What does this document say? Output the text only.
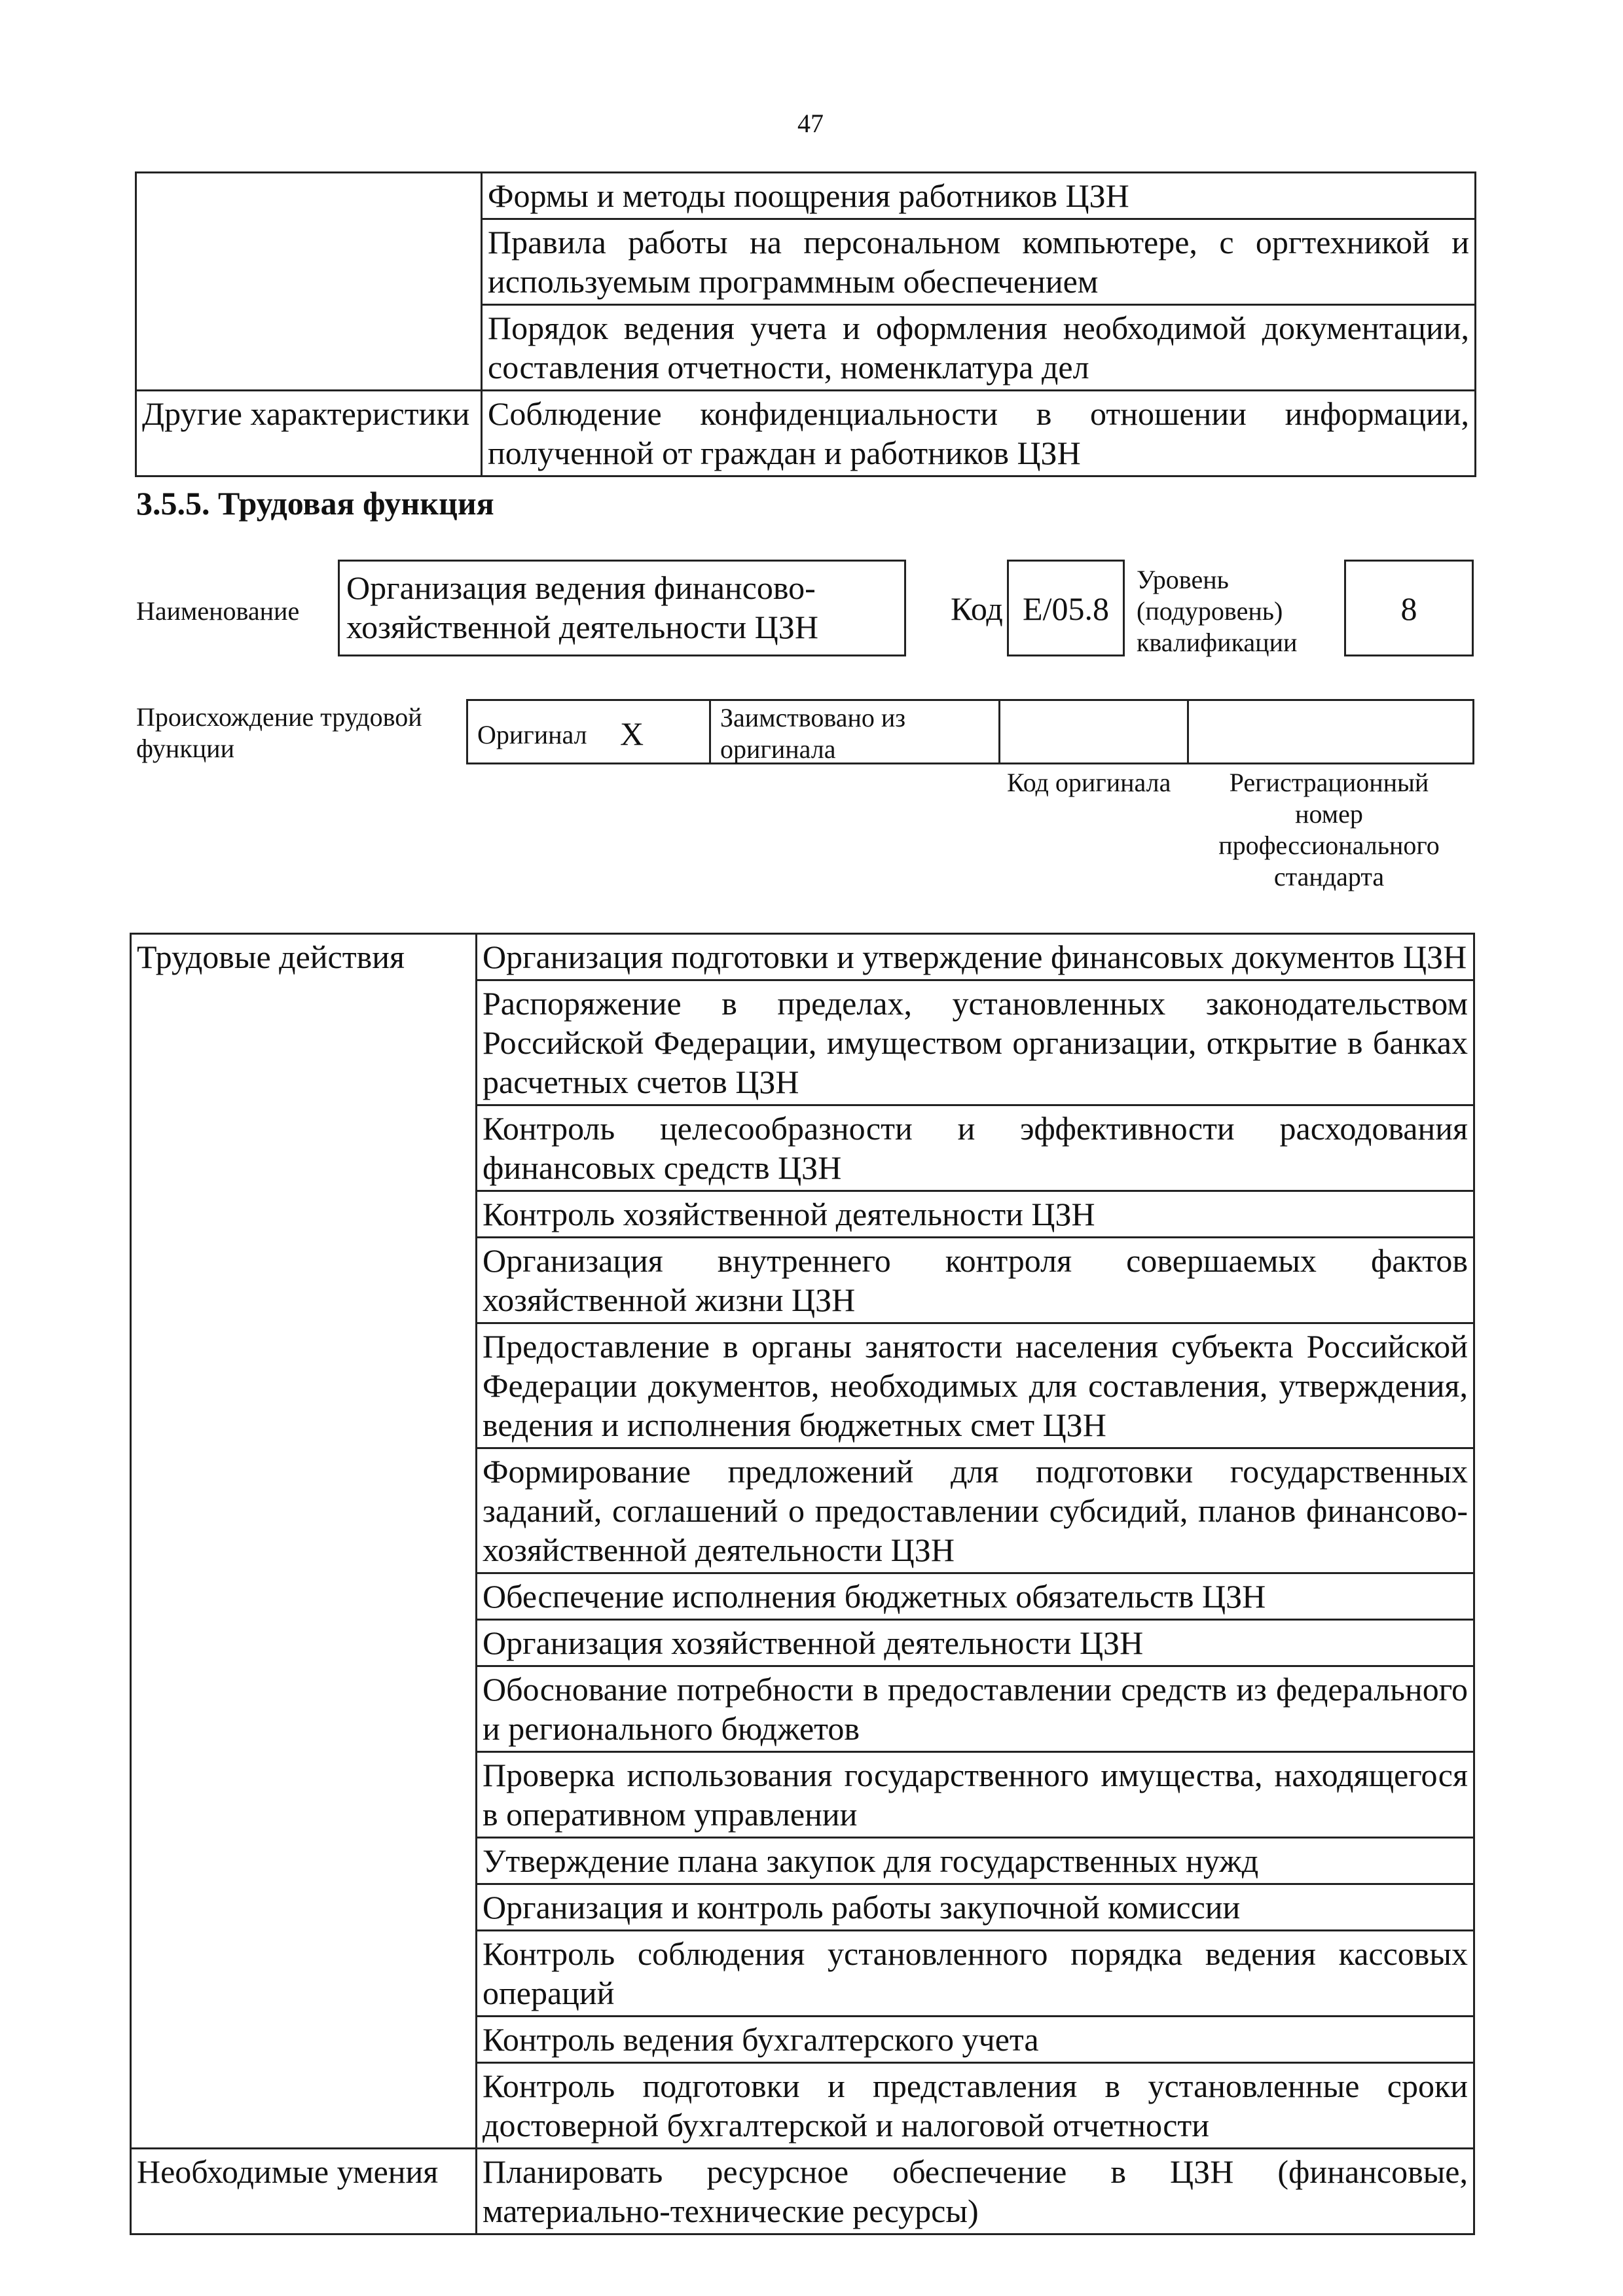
47
	Формы и методы поощрения работников ЦЗН
	Правила работы на персональном компьютере, с оргтехникой и используемым программным обеспечением
	Порядок ведения учета и оформления необходимой документации, составления отчетности, номенклатура дел
Другие характеристики	Соблюдение конфиденциальности в отношении информации, полученной от граждан и работников ЦЗН
3.5.5. Трудовая функция
Наименование
Организация ведения финансово-хозяйственной деятельности ЦЗН	Код E/05.8
Уровень (подуровень) квалификации
8
Происхождение трудовой функции	Оригинал X	Заимствовано из оригинала
Код оригинала	Регистрационный номер профессионального стандарта
Трудовые действия	Организация подготовки и утверждение финансовых документов ЦЗН
	Распоряжение в пределах, установленных законодательством Российской Федерации, имуществом организации, открытие в банках расчетных счетов ЦЗН
	Контроль целесообразности и эффективности расходования финансовых средств ЦЗН
	Контроль хозяйственной деятельности ЦЗН
	Организация внутреннего контроля совершаемых фактов хозяйственной жизни ЦЗН
	Предоставление в органы занятости населения субъекта Российской Федерации документов, необходимых для составления, утверждения, ведения и исполнения бюджетных смет ЦЗН
	Формирование предложений для подготовки государственных заданий, соглашений о предоставлении субсидий, планов финансово-хозяйственной деятельности ЦЗН
	Обеспечение исполнения бюджетных обязательств ЦЗН
	Организация хозяйственной деятельности ЦЗН
	Обоснование потребности в предоставлении средств из федерального и регионального бюджетов
	Проверка использования государственного имущества, находящегося в оперативном управлении
	Утверждение плана закупок для государственных нужд
	Организация и контроль работы закупочной комиссии
	Контроль соблюдения установленного порядка ведения кассовых операций
	Контроль ведения бухгалтерского учета
	Контроль подготовки и представления в установленные сроки достоверной бухгалтерской и налоговой отчетности
Необходимые умения	Планировать ресурсное обеспечение в ЦЗН (финансовые, материально-технические ресурсы)
